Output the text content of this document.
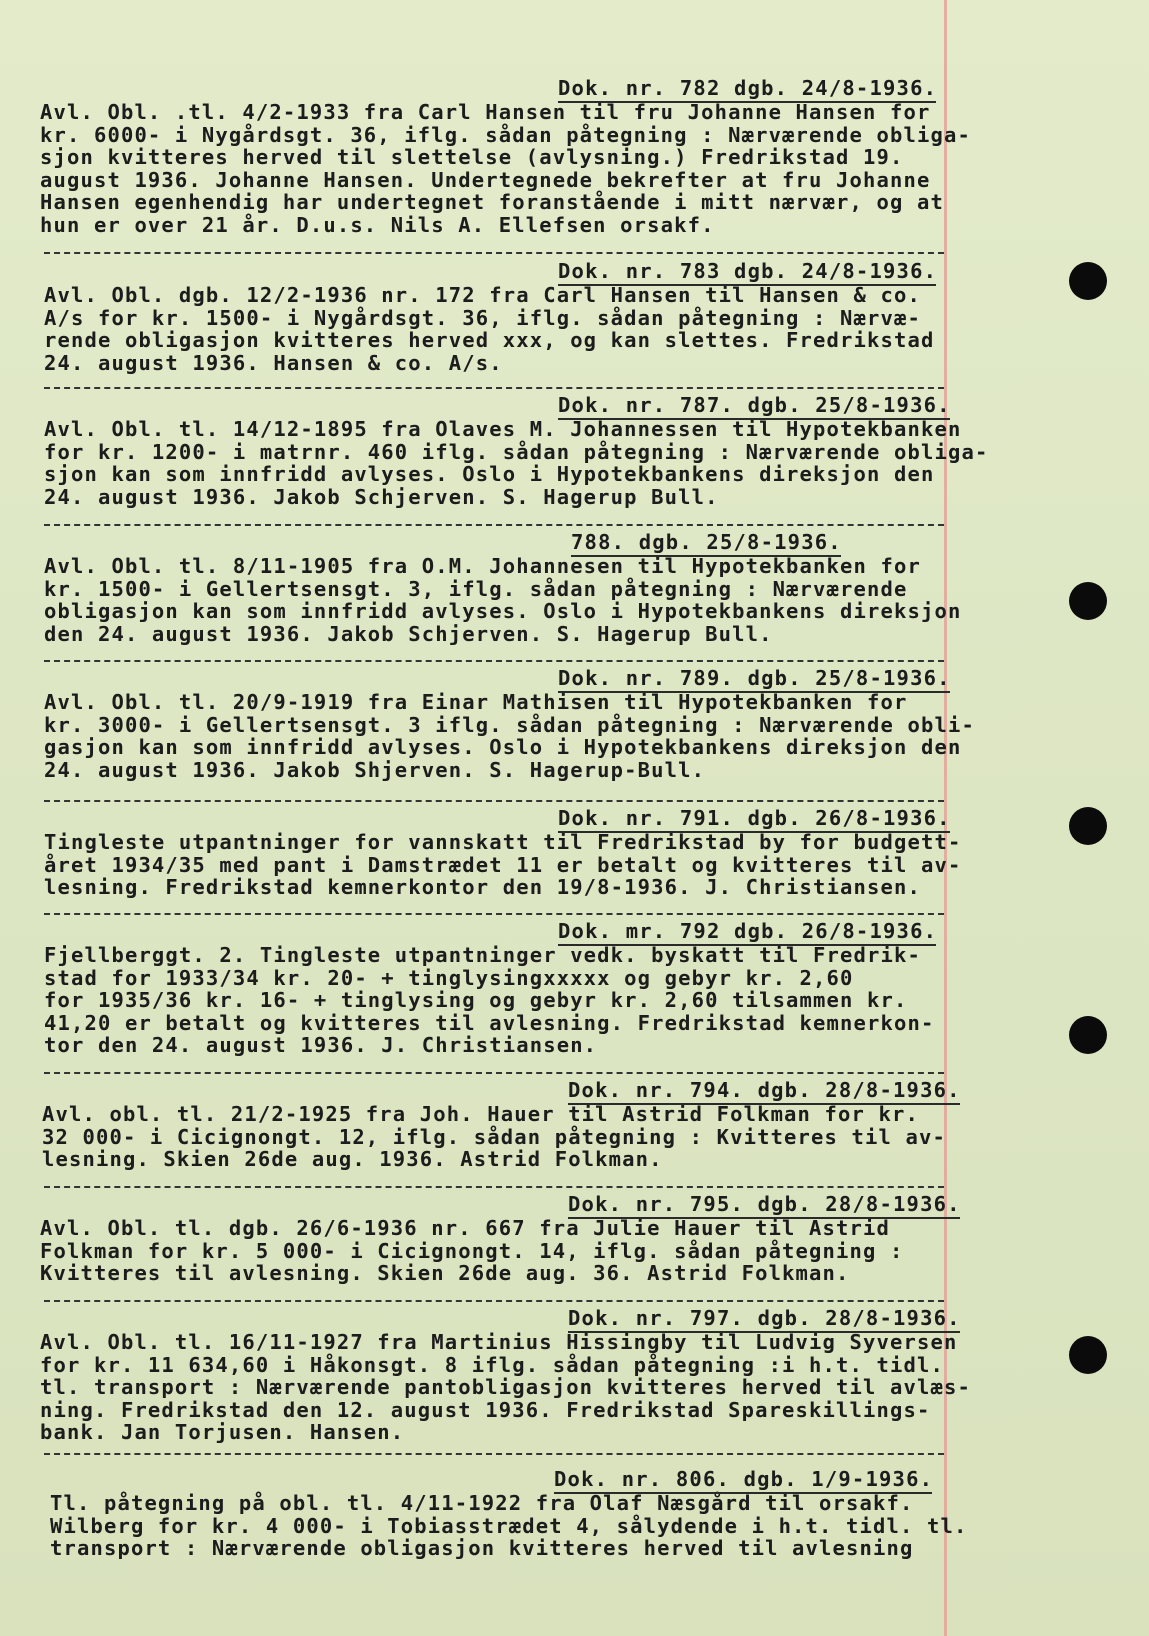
Dok. nr. 782 dgb. 24/8-1936.
Avl. Obl. .tl. 4/2-1933 fra Carl Hansen til fru Johanne Hansen for
kr. 6000- i Nygårdsgt. 36, iflg. sådan påtegning : Nærværende obliga-
sjon kvitteres herved til slettelse (avlysning.) Fredrikstad 19.
august 1936. Johanne Hansen. Undertegnede bekrefter at fru Johanne
Hansen egenhendig har undertegnet foranstående i mitt nærvær, og at
hun er over 21 år. D.u.s. Nils A. Ellefsen orsakf.
Dok. nr. 783 dgb. 24/8-1936.
Avl. Obl. dgb. 12/2-1936 nr. 172 fra Carl Hansen til Hansen & co.
A/s for kr. 1500- i Nygårdsgt. 36, iflg. sådan påtegning : Nærvæ-
rende obligasjon kvitteres herved xxx, og kan slettes. Fredrikstad
24. august 1936. Hansen & co. A/s.
Dok. nr. 787. dgb. 25/8-1936.
Avl. Obl. tl. 14/12-1895 fra Olaves M. Johannessen til Hypotekbanken
for kr. 1200- i matrnr. 460 iflg. sådan påtegning : Nærværende obliga-
sjon kan som innfridd avlyses. Oslo i Hypotekbankens direksjon den
24. august 1936. Jakob Schjerven. S. Hagerup Bull.
788. dgb. 25/8-1936.
Avl. Obl. tl. 8/11-1905 fra O.M. Johannesen til Hypotekbanken for
kr. 1500- i Gellertsensgt. 3, iflg. sådan påtegning : Nærværende
obligasjon kan som innfridd avlyses. Oslo i Hypotekbankens direksjon
den 24. august 1936. Jakob Schjerven. S. Hagerup Bull.
Dok. nr. 789. dgb. 25/8-1936.
Avl. Obl. tl. 20/9-1919 fra Einar Mathisen til Hypotekbanken for
kr. 3000- i Gellertsensgt. 3 iflg. sådan påtegning : Nærværende obli-
gasjon kan som innfridd avlyses. Oslo i Hypotekbankens direksjon den
24. august 1936. Jakob Shjerven. S. Hagerup-Bull.
Dok. nr. 791. dgb. 26/8-1936.
Tingleste utpantninger for vannskatt til Fredrikstad by for budgett-
året 1934/35 med pant i Damstrædet 11 er betalt og kvitteres til av-
lesning. Fredrikstad kemnerkontor den 19/8-1936. J. Christiansen.
Dok. mr. 792 dgb. 26/8-1936.
Fjellberggt. 2. Tingleste utpantninger vedk. byskatt til Fredrik-
stad for 1933/34 kr. 20- + tinglysingxxxxx og gebyr kr. 2,60
for 1935/36 kr. 16- + tinglysing og gebyr kr. 2,60 tilsammen kr.
41,20 er betalt og kvitteres til avlesning. Fredrikstad kemnerkon-
tor den 24. august 1936. J. Christiansen.
Dok. nr. 794. dgb. 28/8-1936.
Avl. obl. tl. 21/2-1925 fra Joh. Hauer til Astrid Folkman for kr.
32 000- i Cicignongt. 12, iflg. sådan påtegning : Kvitteres til av-
lesning. Skien 26de aug. 1936. Astrid Folkman.
Dok. nr. 795. dgb. 28/8-1936.
Avl. Obl. tl. dgb. 26/6-1936 nr. 667 fra Julie Hauer til Astrid
Folkman for kr. 5 000- i Cicignongt. 14, iflg. sådan påtegning :
Kvitteres til avlesning. Skien 26de aug. 36. Astrid Folkman.
Dok. nr. 797. dgb. 28/8-1936.
Avl. Obl. tl. 16/11-1927 fra Martinius Hissingby til Ludvig Syversen
for kr. 11 634,60 i Håkonsgt. 8 iflg. sådan påtegning :i h.t. tidl.
tl. transport : Nærværende pantobligasjon kvitteres herved til avlæs-
ning. Fredrikstad den 12. august 1936. Fredrikstad Spareskillings-
bank. Jan Torjusen. Hansen.
Dok. nr. 806. dgb. 1/9-1936.
Tl. påtegning på obl. tl. 4/11-1922 fra Olaf Næsgård til orsakf.
Wilberg for kr. 4 000- i Tobiasstrædet 4, sålydende i h.t. tidl. tl.
transport : Nærværende obligasjon kvitteres herved til avlesning
